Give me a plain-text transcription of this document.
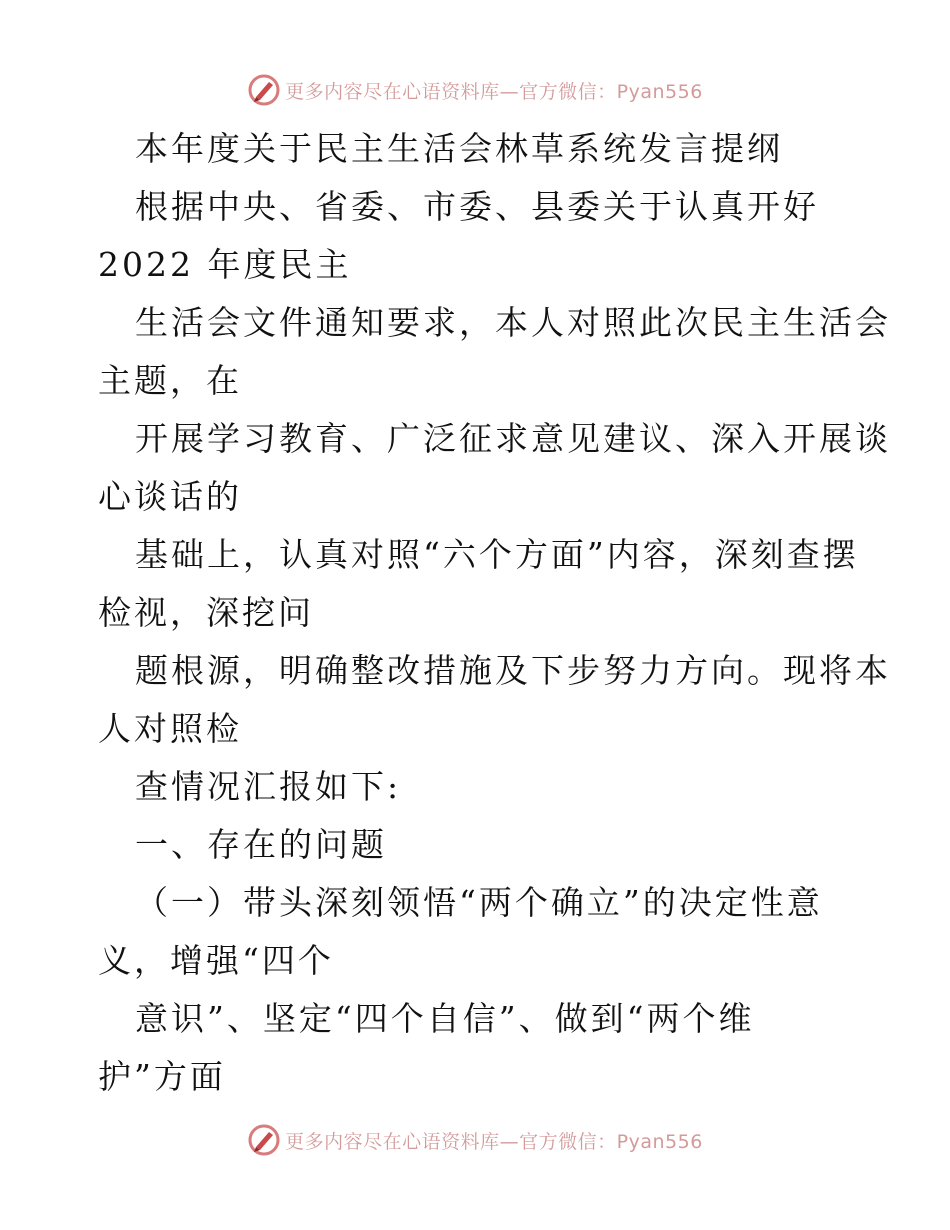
更多内容尽在心语资料库—官方微信：Pyan556
本年度关于民主生活会林草系统发言提纲
根据中央、省委、市委、县委关于认真开好
2022 年度民主
生活会文件通知要求，本人对照此次民主生活会
主题，在
开展学习教育、广泛征求意见建议、深入开展谈
心谈话的
基础上，认真对照“六个方面”内容，深刻查摆
检视，深挖问
题根源，明确整改措施及下步努力方向。现将本
人对照检
查情况汇报如下:
一、存在的问题
（一）带头深刻领悟“两个确立”的决定性意
义，增强“四个
意识”、坚定“四个自信”、做到“两个维
护”方面
更多内容尽在心语资料库—官方微信：Pyan556
